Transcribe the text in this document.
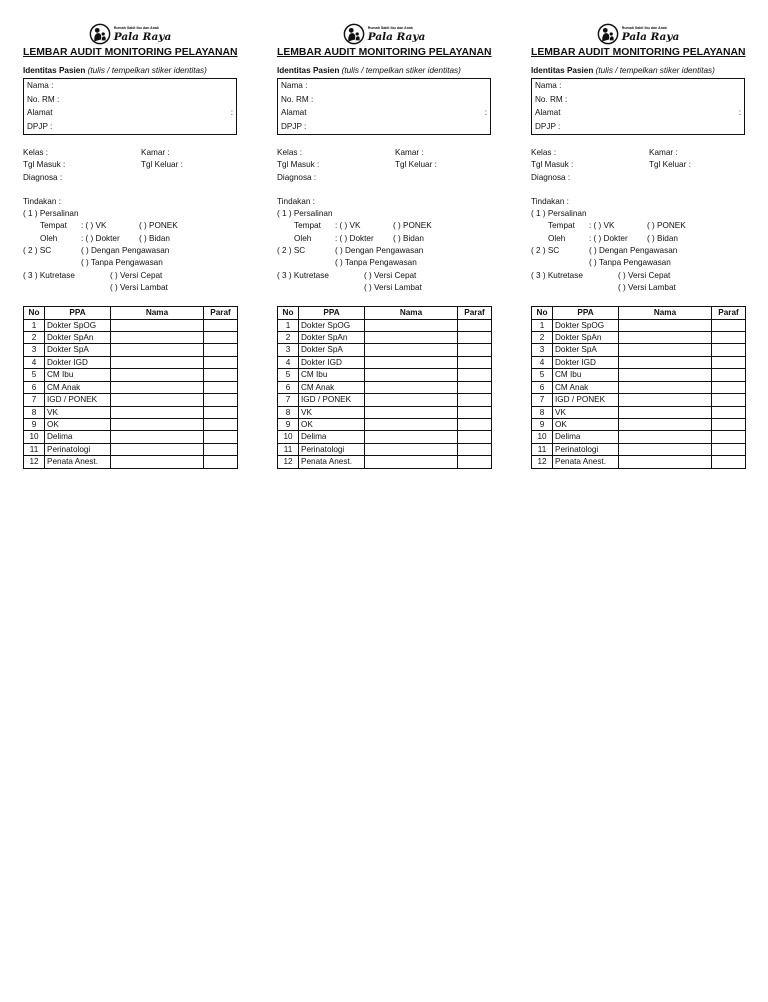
Rumah Sakit Ibu dan Anak
Pala Raya
LEMBAR AUDIT MONITORING PELAYANAN
Identitas Pasien (tulis / tempelkan stiker identitas)
Nama :
No. RM :
Alamat	:
DPJP :
Kelas :	Kamar :
Tgl Masuk :	Tgl Keluar :
Diagnosa :
Tindakan :
( 1 ) Persalinan
Tempat : ( ) VK	( ) PONEK
Oleh	: ( ) Dokter ( ) Bidan
( 2 ) SC	( ) Dengan Pengawasan
( ) Tanpa Pengawasan
( 3 ) Kutretase	( ) Versi Cepat
( ) Versi Lambat
No	PPA	Nama	Paraf
1	Dokter SpOG		
2	Dokter SpAn		
3	Dokter SpA		
4	Dokter IGD		
5	CM Ibu		
6	CM Anak		
7	IGD / PONEK		
8	VK		
9	OK		
10	Delima		
11	Perinatologi		
12	Penata Anest.		
Rumah Sakit Ibu dan Anak
Pala Raya
LEMBAR AUDIT MONITORING PELAYANAN
Identitas Pasien (tulis / tempelkan stiker identitas)
Nama :
No. RM :
Alamat	:
DPJP :
Kelas :	Kamar :
Tgl Masuk :	Tgl Keluar :
Diagnosa :
Tindakan :
( 1 ) Persalinan
Tempat : ( ) VK	( ) PONEK
Oleh	: ( ) Dokter ( ) Bidan
( 2 ) SC	( ) Dengan Pengawasan
( ) Tanpa Pengawasan
( 3 ) Kutretase	( ) Versi Cepat
( ) Versi Lambat
No	PPA	Nama	Paraf
1	Dokter SpOG		
2	Dokter SpAn		
3	Dokter SpA		
4	Dokter IGD		
5	CM Ibu		
6	CM Anak		
7	IGD / PONEK		
8	VK		
9	OK		
10	Delima		
11	Perinatologi		
12	Penata Anest.		
Rumah Sakit Ibu dan Anak
Pala Raya
LEMBAR AUDIT MONITORING PELAYANAN
Identitas Pasien (tulis / tempelkan stiker identitas)
Nama :
No. RM :
Alamat	:
DPJP :
Kelas :	Kamar :
Tgl Masuk :	Tgl Keluar :
Diagnosa :
Tindakan :
( 1 ) Persalinan
Tempat : ( ) VK	( ) PONEK
Oleh	: ( ) Dokter ( ) Bidan
( 2 ) SC	( ) Dengan Pengawasan
( ) Tanpa Pengawasan
( 3 ) Kutretase	( ) Versi Cepat
( ) Versi Lambat
No	PPA	Nama	Paraf
1	Dokter SpOG		
2	Dokter SpAn		
3	Dokter SpA		
4	Dokter IGD		
5	CM Ibu		
6	CM Anak		
7	IGD / PONEK		
8	VK		
9	OK		
10	Delima		
11	Perinatologi		
12	Penata Anest.		
